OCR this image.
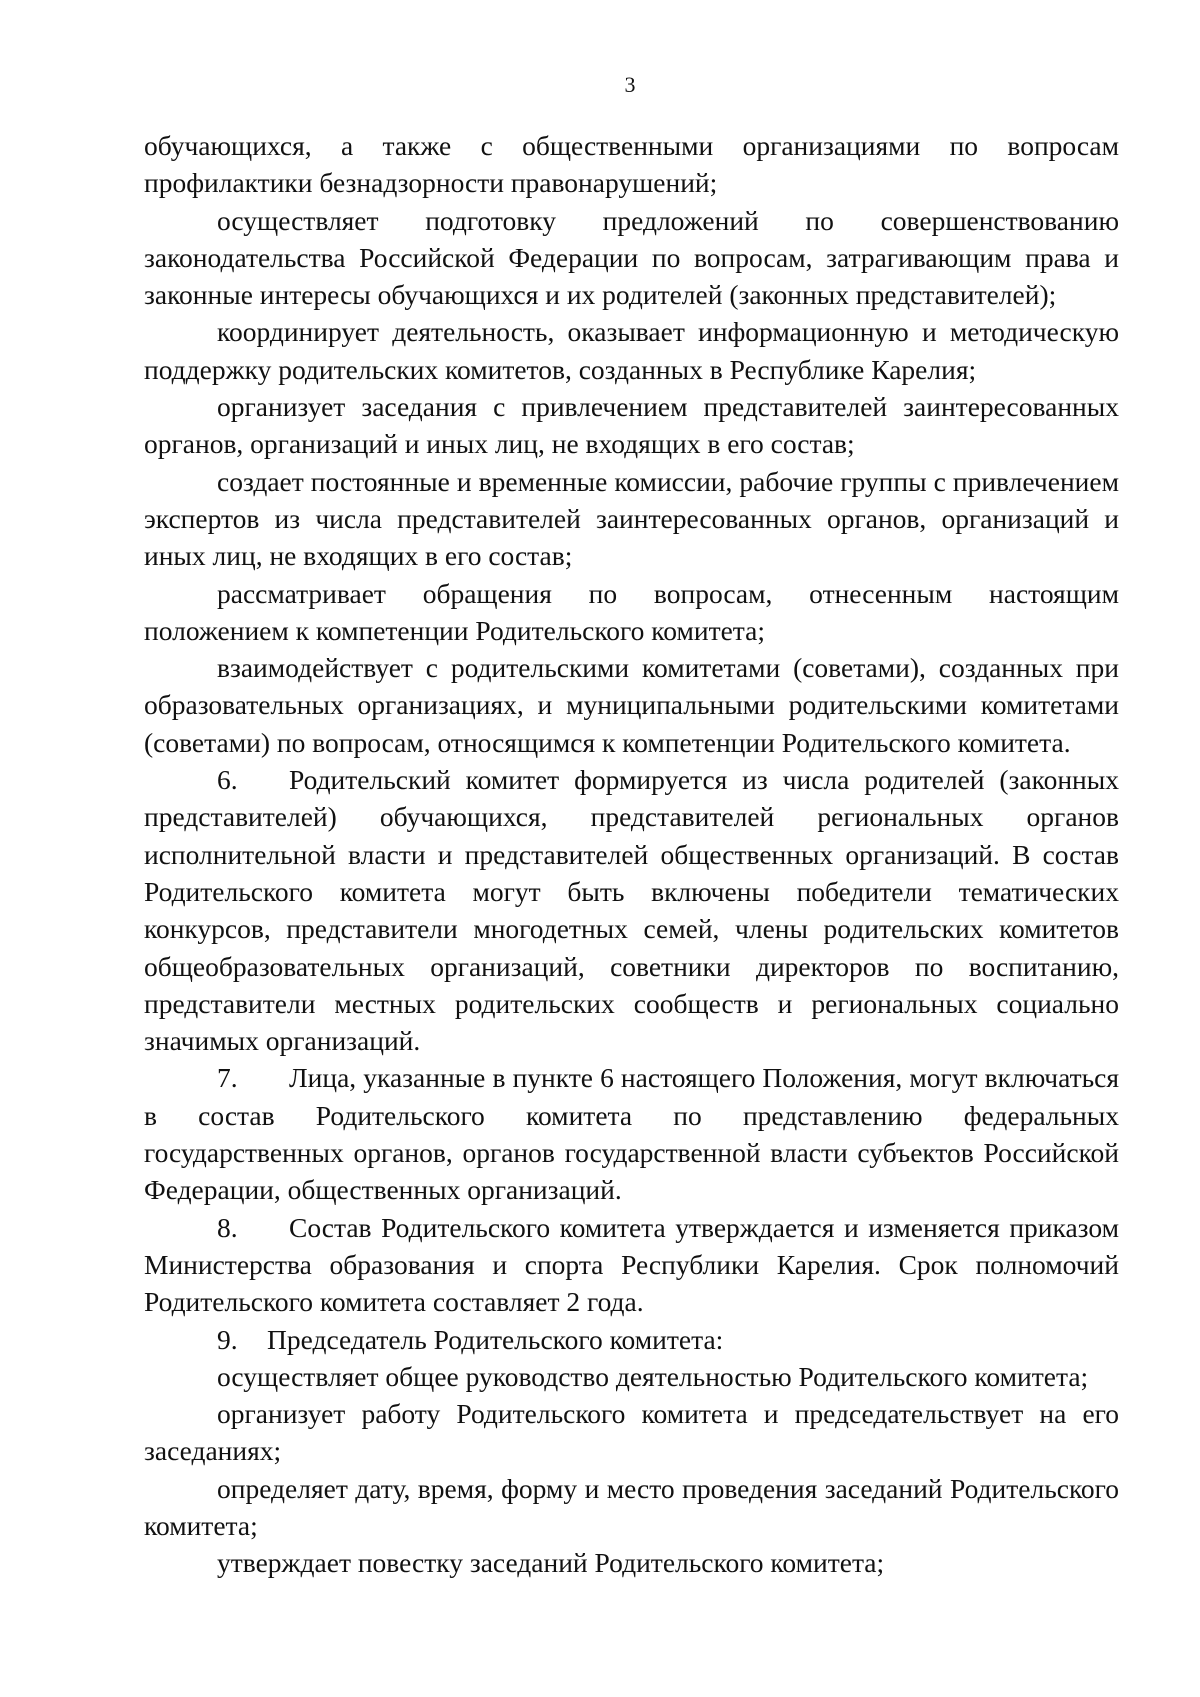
3

обучающихся, а также с общественными организациями по вопросам профилактики безнадзорности правонарушений;

осуществляет подготовку предложений по совершенствованию законодательства Российской Федерации по вопросам, затрагивающим права и законные интересы обучающихся и их родителей (законных представителей);

координирует деятельность, оказывает информационную и методическую поддержку родительских комитетов, созданных в Республике Карелия;

организует заседания с привлечением представителей заинтересованных органов, организаций и иных лиц, не входящих в его состав;

создает постоянные и временные комиссии, рабочие группы с привлечением экспертов из числа представителей заинтересованных органов, организаций и иных лиц, не входящих в его состав;

рассматривает обращения по вопросам, отнесенным настоящим положением к компетенции Родительского комитета;

взаимодействует с родительскими комитетами (советами), созданных при образовательных организациях, и муниципальными родительскими комитетами (советами) по вопросам, относящимся к компетенции Родительского комитета.

6. Родительский комитет формируется из числа родителей (законных представителей) обучающихся, представителей региональных органов исполнительной власти и представителей общественных организаций. В состав Родительского комитета могут быть включены победители тематических конкурсов, представители многодетных семей, члены родительских комитетов общеобразовательных организаций, советники директоров по воспитанию, представители местных родительских сообществ и региональных социально значимых организаций.

7. Лица, указанные в пункте 6 настоящего Положения, могут включаться в состав Родительского комитета по представлению федеральных государственных органов, органов государственной власти субъектов Российской Федерации, общественных организаций.

8. Состав Родительского комитета утверждается и изменяется приказом Министерства образования и спорта Республики Карелия. Срок полномочий Родительского комитета составляет 2 года.

9. Председатель Родительского комитета:

осуществляет общее руководство деятельностью Родительского комитета;

организует работу Родительского комитета и председательствует на его заседаниях;

определяет дату, время, форму и место проведения заседаний Родительского комитета;

утверждает повестку заседаний Родительского комитета;
